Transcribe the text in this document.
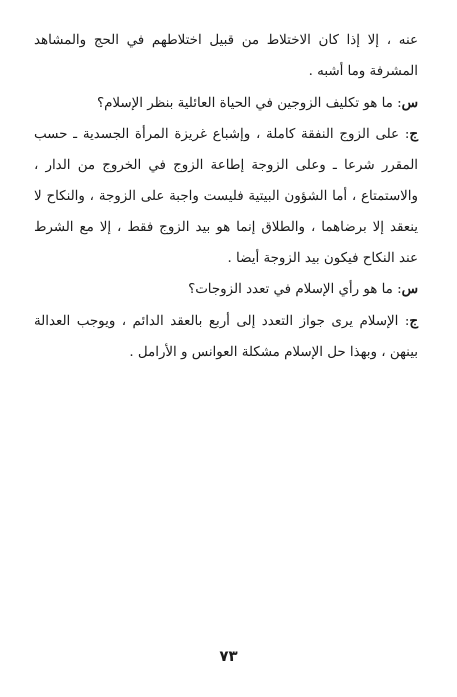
عنه ، إلا إذا كان الاختلاط من قبيل اختلاطهم في الحج والمشاهد المشرفة وما أشبه .

س: ما هو تكليف الزوجين في الحياة العائلية بنظر الإسلام؟

ج: على الزوج النفقة كاملة ، وإشباع غريزة المرأة الجسدية ـ حسب المقرر شرعا ـ وعلى الزوجة إطاعة الزوج في الخروج من الدار ، والاستمتاع ، أما الشؤون البيتية فليست واجبة على الزوجة ، والنكاح لا ينعقد إلا برضاهما ، والطلاق إنما هو بيد الزوج فقط ، إلا مع الشرط عند النكاح فيكون بيد الزوجة أيضا .

س: ما هو رأي الإسلام في تعدد الزوجات؟

ج: الإسلام يرى جواز التعدد إلى أربع بالعقد الدائم ، ويوجب العدالة بينهن ، وبهذا حل الإسلام مشكلة العوانس و الأرامل .

٧٣
